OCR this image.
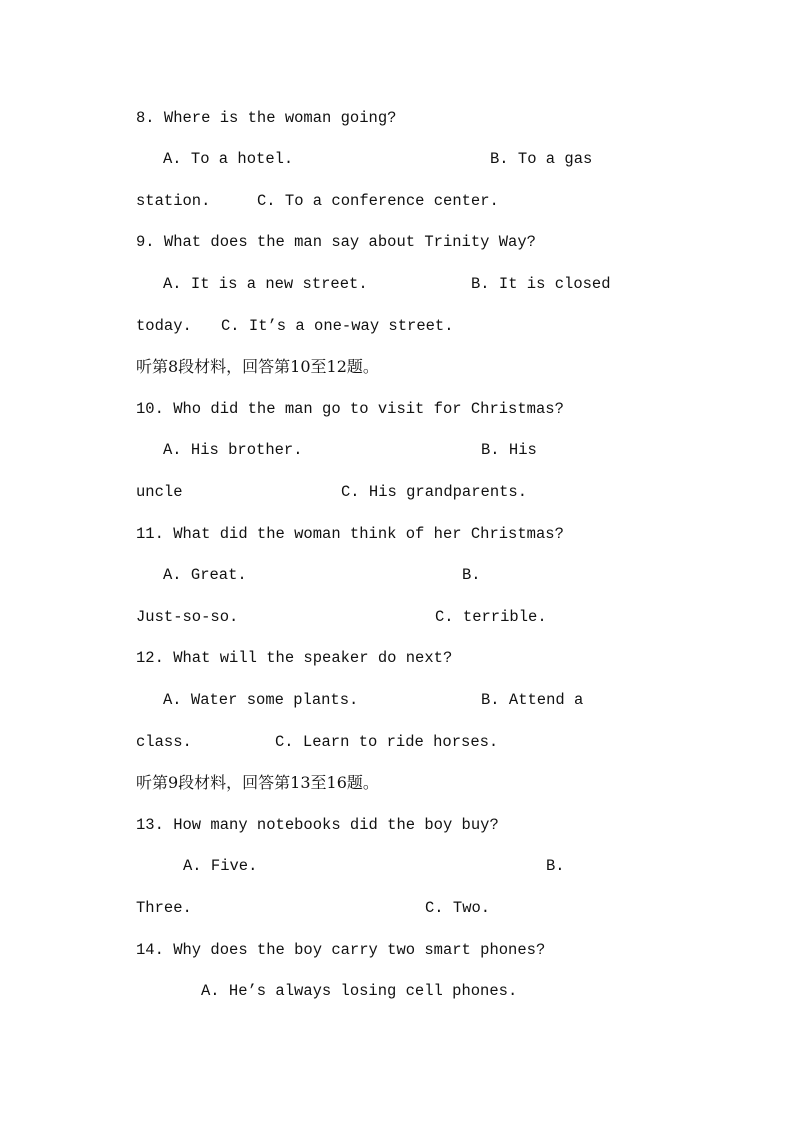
8. Where is the woman going?
A. To a hotel.	B. To a gas
station.	C. To a conference center.
9. What does the man say about Trinity Way?
A. It is a new street.	B. It is closed
today. C. It’s a one-way street.
听第8段材料，回答第10至12题。
10. Who did the man go to visit for Christmas?
A. His brother.	B. His
uncle	C. His grandparents.
11. What did the woman think of her Christmas?
A. Great.	B.
Just-so-so.	C. terrible.
12. What will the speaker do next?
A. Water some plants.	B. Attend a
class.	C. Learn to ride horses.
听第9段材料，回答第13至16题。
13. How many notebooks did the boy buy?
A. Five.	B.
Three.	C. Two.
14. Why does the boy carry two smart phones?
A. He’s always losing cell phones.
